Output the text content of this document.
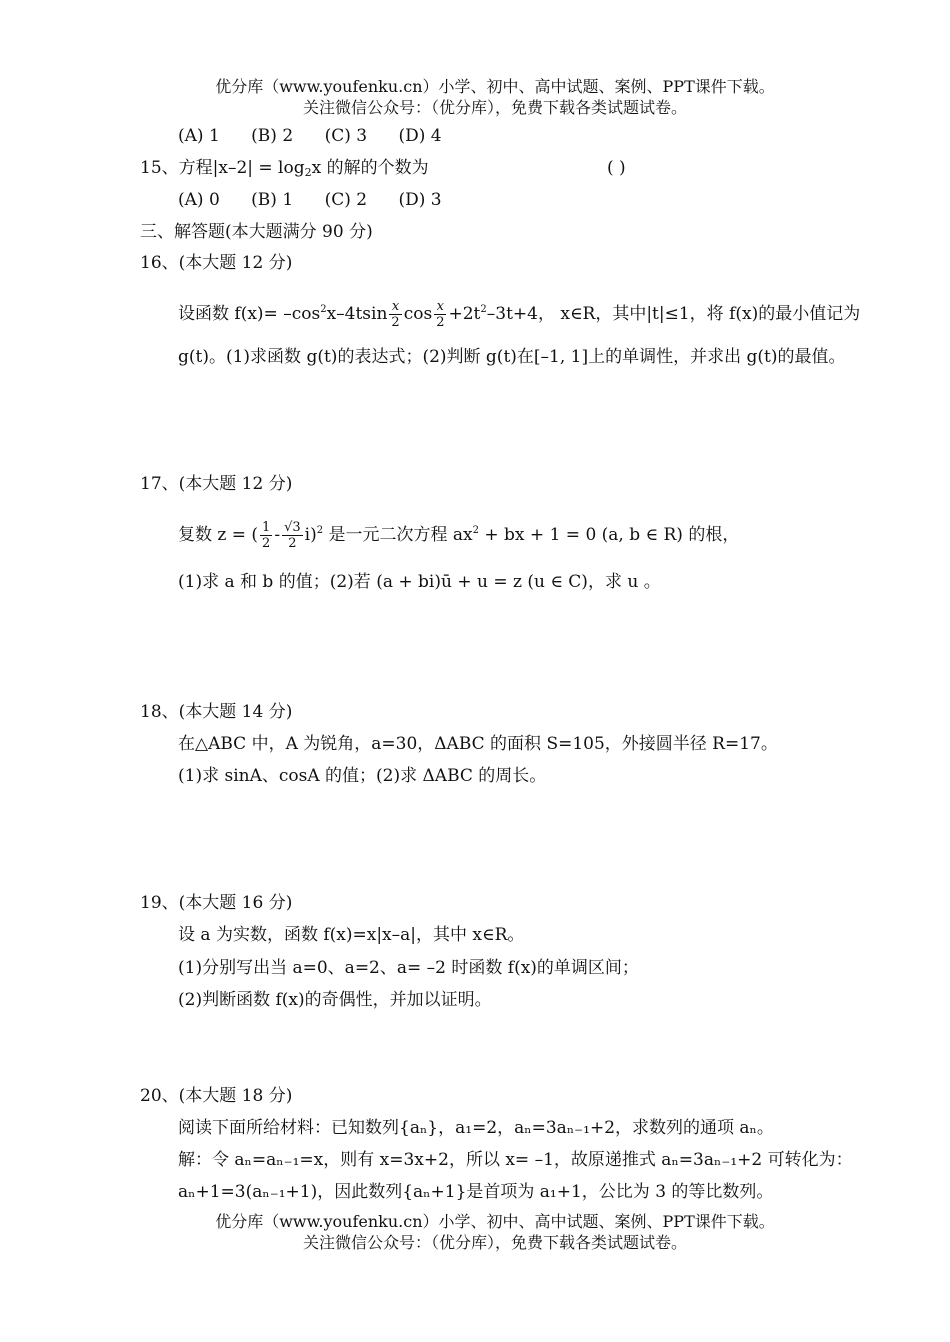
优分库（www.youfenku.cn）小学、初中、高中试题、案例、PPT课件下载。
关注微信公众号：（优分库），免费下载各类试题试卷。
(A) 1 (B) 2 (C) 3 (D) 4
15、方程$|x-2| = \log_2x$ 的解的个数为	( )
(A) 0 (B) 1 (C) 2 (D) 3
三、解答题(本大题满分 90 分)
16、(本大题 12 分)
设函数 $f(x)= -\cos^2x-4tsin \frac{x}{2}$ $\cos \frac{x}{2} +2t^2-3t+4$， x∈R，其中|t|≤1，将 f(x)的最小值记为
g(t)。(1)求函数 g(t)的表达式；(2)判断 g(t)在[–1, 1]上的单调性，并求出 g(t)的最值。
17、(本大题 12 分)
复数 z = ( $\frac{1}{2} - \frac{√3}{2} i)^2$ 是一元二次方程 $ax^2$ + bx + 1 = 0 (a, b ∈ R) 的根，
(1)求 a 和 b 的值；(2)若 (a + bi)ū + u = z (u ∈ C)，求 u 。
18、(本大题 14 分)
在△ABC 中，A 为锐角，a=30，ΔABC 的面积 S=105，外接圆半径 R=17。
(1)求 sinA、cosA 的值；(2)求 ΔABC 的周长。
19、(本大题 16 分)
设 a 为实数，函数 f(x)=x|x–a|，其中 x∈R。
(1)分别写出当 a=0、a=2、a= –2 时函数 f(x)的单调区间；
(2)判断函数 f(x)的奇偶性，并加以证明。
20、(本大题 18 分)
阅读下面所给材料：已知数列{aₙ}，a₁=2，aₙ=3aₙ₋₁+2，求数列的通项 aₙ。
解：令 aₙ=aₙ₋₁=x，则有 x=3x+2，所以 x= –1，故原递推式 aₙ=3aₙ₋₁+2 可转化为：
aₙ+1=3(aₙ₋₁+1)，因此数列{aₙ+1}是首项为 a₁+1，公比为 3 的等比数列。
优分库（www.youfenku.cn）小学、初中、高中试题、案例、PPT课件下载。
关注微信公众号：（优分库），免费下载各类试题试卷。
